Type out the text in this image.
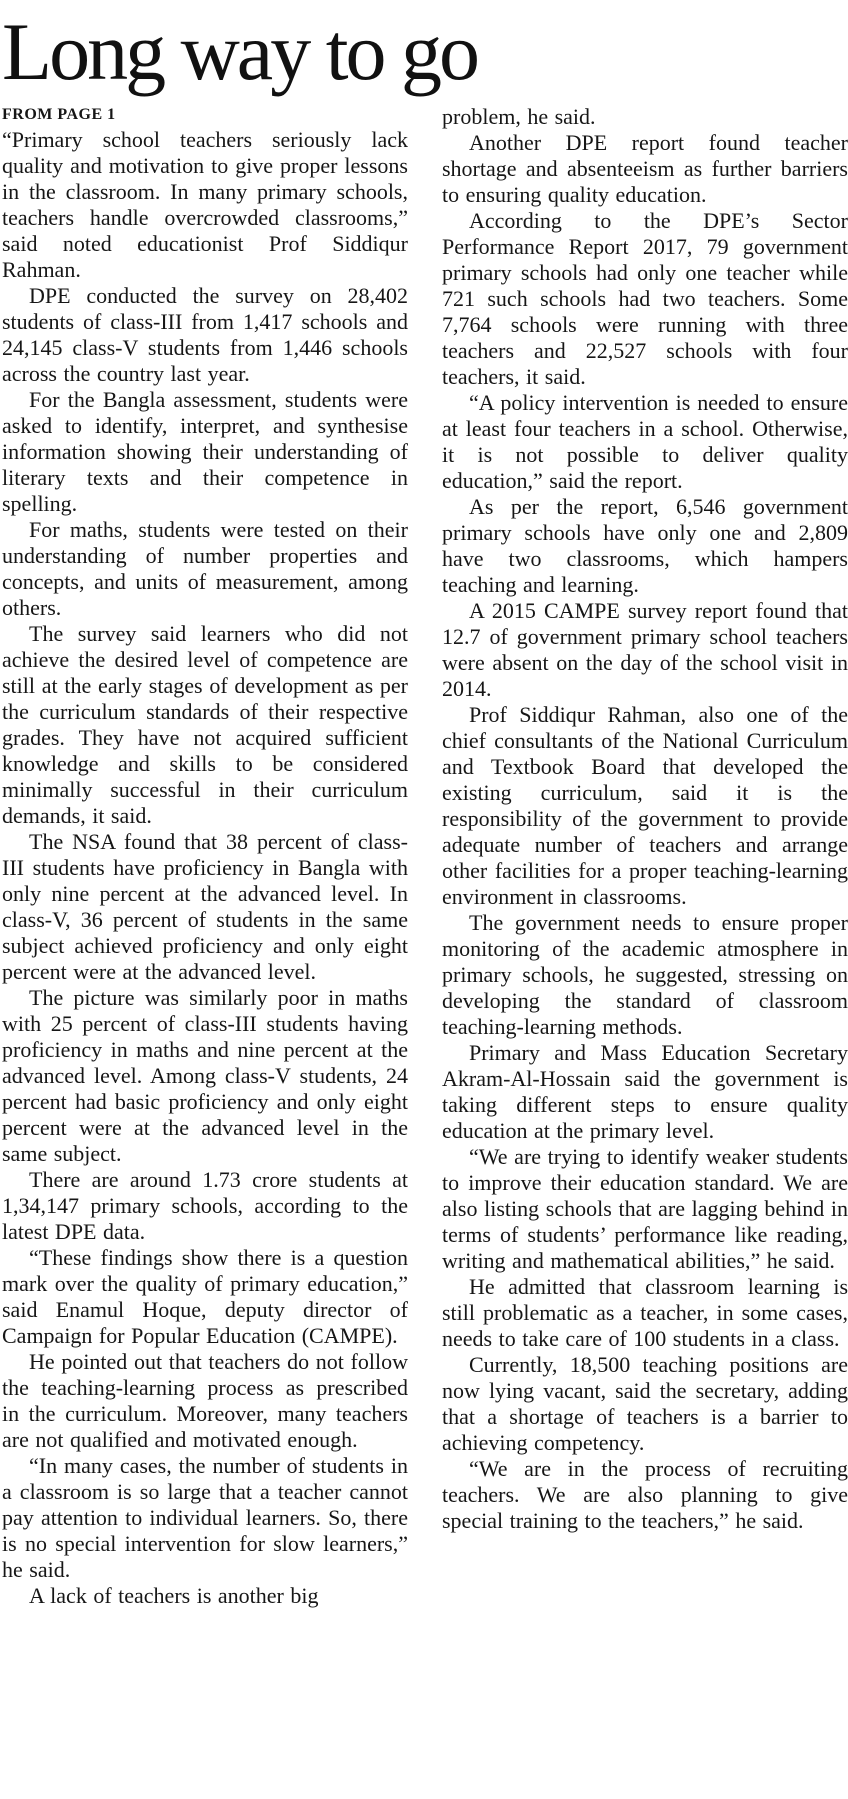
Long way to go

FROM PAGE 1

“Primary school teachers seriously lack quality and motivation to give proper lessons in the classroom. In many primary schools, teachers handle overcrowded classrooms,” said noted educationist Prof Siddiqur Rahman.

DPE conducted the survey on 28,402 students of class-III from 1,417 schools and 24,145 class-V students from 1,446 schools across the country last year.

For the Bangla assessment, students were asked to identify, interpret, and synthesise information showing their understanding of literary texts and their competence in spelling.

For maths, students were tested on their understanding of number properties and concepts, and units of measurement, among others.

The survey said learners who did not achieve the desired level of competence are still at the early stages of development as per the curriculum standards of their respective grades. They have not acquired sufficient knowledge and skills to be considered minimally successful in their curriculum demands, it said.

The NSA found that 38 percent of class-III students have proficiency in Bangla with only nine percent at the advanced level. In class-V, 36 percent of students in the same subject achieved proficiency and only eight percent were at the advanced level.

The picture was similarly poor in maths with 25 percent of class-III students having proficiency in maths and nine percent at the advanced level. Among class-V students, 24 percent had basic proficiency and only eight percent were at the advanced level in the same subject.

There are around 1.73 crore students at 1,34,147 primary schools, according to the latest DPE data.

“These findings show there is a question mark over the quality of primary education,” said Enamul Hoque, deputy director of Campaign for Popular Education (CAMPE).

He pointed out that teachers do not follow the teaching-learning process as prescribed in the curriculum. Moreover, many teachers are not qualified and motivated enough.

“In many cases, the number of students in a classroom is so large that a teacher cannot pay attention to individual learners. So, there is no special intervention for slow learners,” he said.

A lack of teachers is another big

problem, he said.

Another DPE report found teacher shortage and absenteeism as further barriers to ensuring quality education.

According to the DPE’s Sector Performance Report 2017, 79 government primary schools had only one teacher while 721 such schools had two teachers. Some 7,764 schools were running with three teachers and 22,527 schools with four teachers, it said.

“A policy intervention is needed to ensure at least four teachers in a school. Otherwise, it is not possible to deliver quality education,” said the report.

As per the report, 6,546 government primary schools have only one and 2,809 have two classrooms, which hampers teaching and learning.

A 2015 CAMPE survey report found that 12.7 of government primary school teachers were absent on the day of the school visit in 2014.

Prof Siddiqur Rahman, also one of the chief consultants of the National Curriculum and Textbook Board that developed the existing curriculum, said it is the responsibility of the government to provide adequate number of teachers and arrange other facilities for a proper teaching-learning environment in classrooms.

The government needs to ensure proper monitoring of the academic atmosphere in primary schools, he suggested, stressing on developing the standard of classroom teaching-learning methods.

Primary and Mass Education Secretary Akram-Al-Hossain said the government is taking different steps to ensure quality education at the primary level.

“We are trying to identify weaker students to improve their education standard. We are also listing schools that are lagging behind in terms of students’ performance like reading, writing and mathematical abilities,” he said.

He admitted that classroom learning is still problematic as a teacher, in some cases, needs to take care of 100 students in a class.

Currently, 18,500 teaching positions are now lying vacant, said the secretary, adding that a shortage of teachers is a barrier to achieving competency.

“We are in the process of recruiting teachers. We are also planning to give special training to the teachers,” he said.
